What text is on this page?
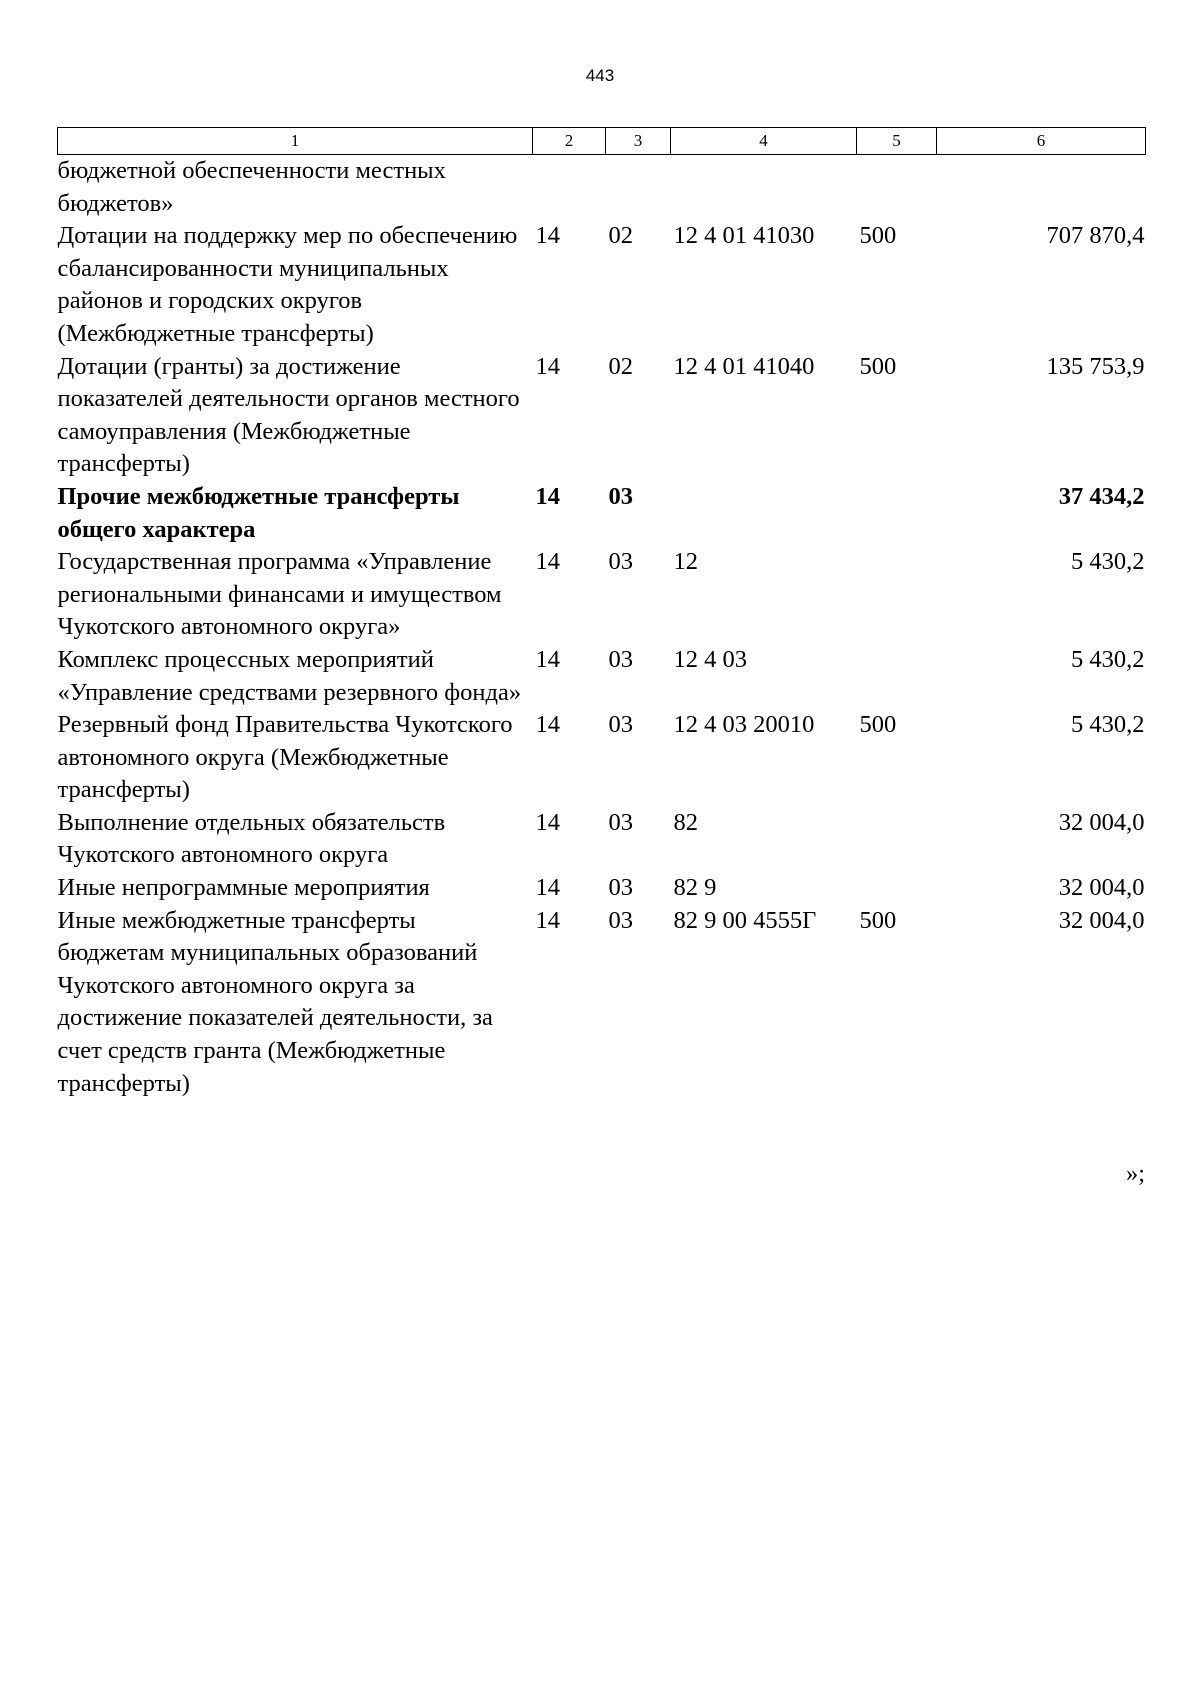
443
1	2	3	4	5	6
бюджетной обеспеченности местных бюджетов»					
Дотации на поддержку мер по обеспечению сбалансированности муниципальных районов и городских округов (Межбюджетные трансферты)	14	02	12 4 01 41030	500	707 870,4
Дотации (гранты) за достижение показателей деятельности органов местного самоуправления (Межбюджетные трансферты)	14	02	12 4 01 41040	500	135 753,9
Прочие межбюджетные трансферты общего характера	14	03			37 434,2
Государственная программа «Управление региональными финансами и имуществом Чукотского автономного округа»	14	03	12		5 430,2
Комплекс процессных мероприятий «Управление средствами резервного фонда»	14	03	12 4 03		5 430,2
Резервный фонд Правительства Чукотского автономного округа (Межбюджетные трансферты)	14	03	12 4 03 20010	500	5 430,2
Выполнение отдельных обязательств Чукотского автономного округа	14	03	82		32 004,0
Иные непрограммные мероприятия	14	03	82 9		32 004,0
Иные межбюджетные трансферты бюджетам муниципальных образований Чукотского автономного округа за достижение показателей деятельности, за счет средств гранта (Межбюджетные трансферты)	14	03	82 9 00 4555Г	500	32 004,0
»;
